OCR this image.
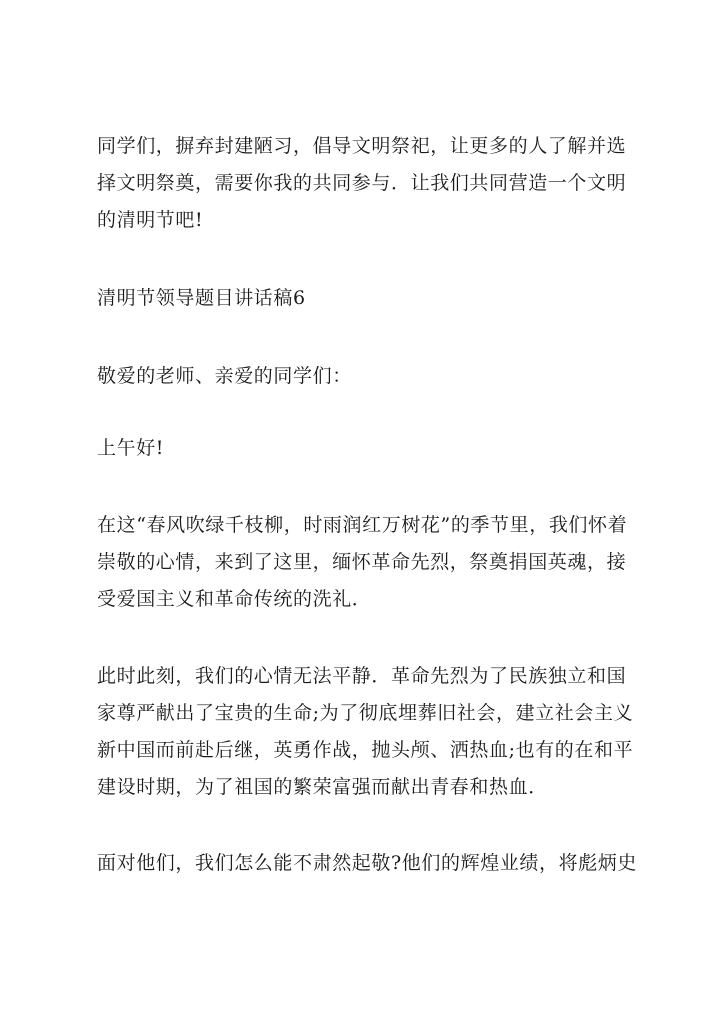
同学们，摒弃封建陋习，倡导文明祭祀，让更多的人了解并选择文明祭奠，需要你我的共同参与．让我们共同营造一个文明的清明节吧!

清明节领导题目讲话稿6

敬爱的老师、亲爱的同学们：

上午好!

在这“春风吹绿千枝柳，时雨润红万树花”的季节里，我们怀着崇敬的心情，来到了这里，缅怀革命先烈，祭奠捐国英魂，接受爱国主义和革命传统的洗礼．

此时此刻，我们的心情无法平静．革命先烈为了民族独立和国家尊严献出了宝贵的生命;为了彻底埋葬旧社会，建立社会主义新中国而前赴后继，英勇作战，抛头颅、洒热血;也有的在和平建设时期，为了祖国的繁荣富强而献出青春和热血．

面对他们，我们怎么能不肃然起敬?他们的辉煌业绩，将彪炳史
